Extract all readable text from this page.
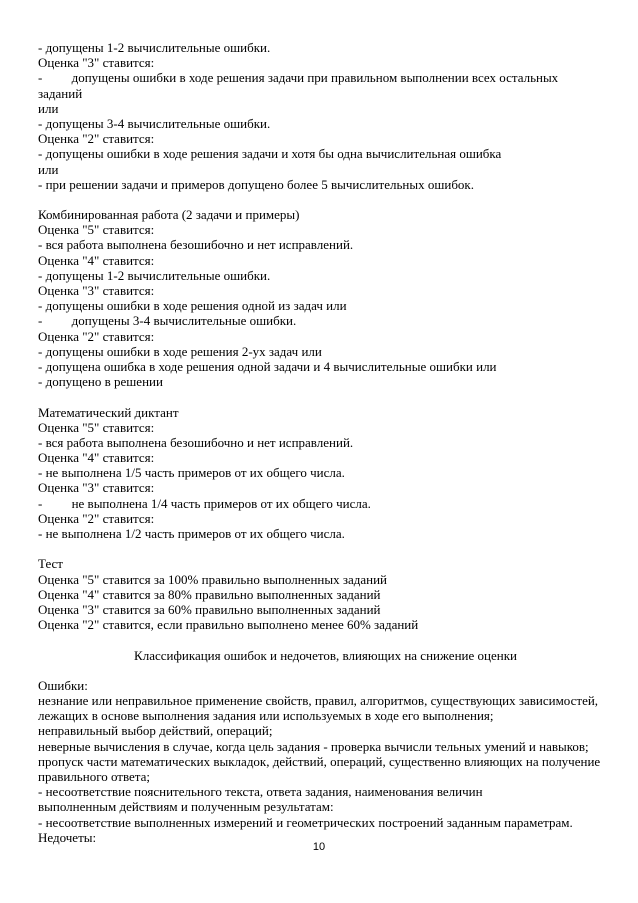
- допущены 1-2 вычислительные ошибки.
Оценка "3" ставится:
-         допущены ошибки в ходе решения задачи при правильном выполнении всех остальных
заданий
или
- допущены 3-4 вычислительные ошибки.
Оценка "2" ставится:
- допущены ошибки в ходе решения задачи и хотя бы одна вычислительная ошибка
или
- при решении задачи и примеров допущено более 5 вычислительных ошибок.
Комбинированная работа (2 задачи и примеры)
Оценка "5" ставится:
- вся работа выполнена безошибочно и нет исправлений.
Оценка "4" ставится:
- допущены 1-2 вычислительные ошибки.
Оценка "3" ставится:
- допущены ошибки в ходе решения одной из задач или
-         допущены 3-4 вычислительные ошибки.
Оценка "2" ставится:
- допущены ошибки в ходе решения 2-ух задач или
- допущена ошибка в ходе решения одной задачи и 4 вычислительные ошибки или
- допущено в решении
Математический диктант
Оценка "5" ставится:
- вся работа выполнена безошибочно и нет исправлений.
Оценка "4" ставится:
- не выполнена 1/5 часть примеров от их общего числа.
Оценка "3" ставится:
-         не выполнена 1/4 часть примеров от их общего числа.
Оценка "2" ставится:
- не выполнена 1/2 часть примеров от их общего числа.
Тест
Оценка "5" ставится за 100% правильно выполненных заданий
Оценка "4" ставится за 80% правильно выполненных заданий
Оценка "3" ставится за 60% правильно выполненных заданий
Оценка "2" ставится, если правильно выполнено менее 60% заданий
Классификация ошибок и недочетов, влияющих на снижение оценки
Ошибки:
незнание или неправильное применение свойств, правил, алгоритмов, существующих зависимостей,
лежащих в основе выполнения задания или используемых в ходе его выполнения;
неправильный выбор действий, операций;
неверные вычисления в случае, когда цель задания - проверка вычисли тельных умений и навыков;
пропуск части математических выкладок, действий, операций, существенно влияющих на получение
правильного ответа;
- несоответствие пояснительного текста, ответа задания, наименования величин
выполненным действиям и полученным результатам:
- несоответствие выполненных измерений и геометрических построений заданным параметрам.
Недочеты:
10
